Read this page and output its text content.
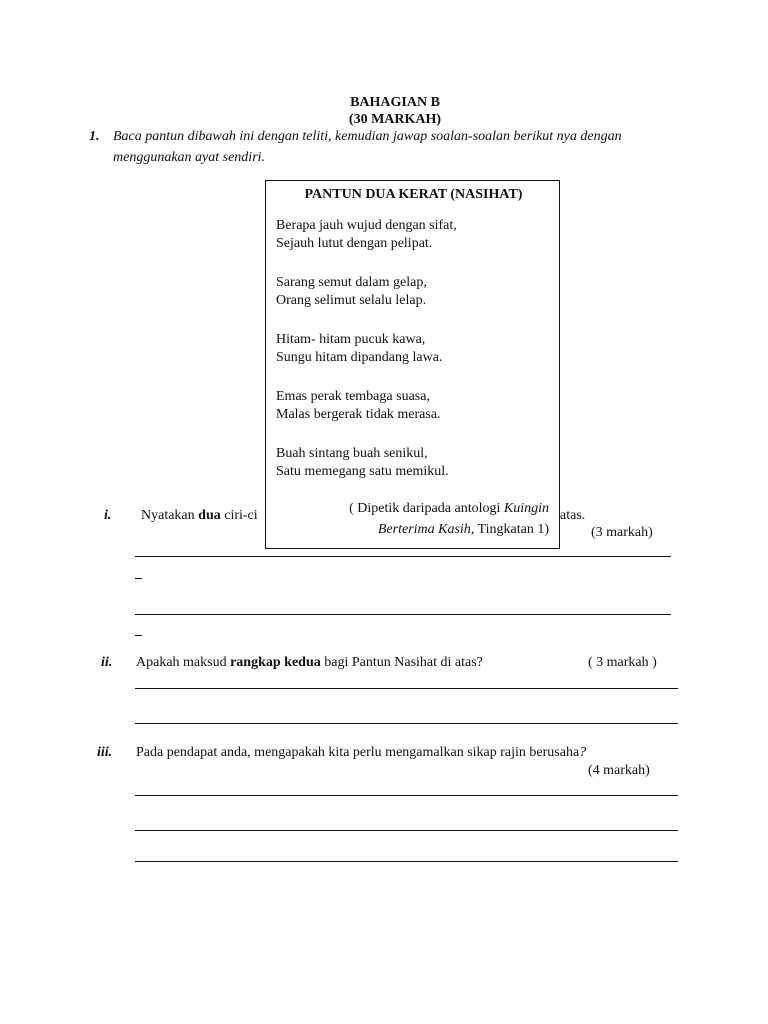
BAHAGIAN B
(30 MARKAH)
1. Baca pantun dibawah ini dengan teliti, kemudian jawap soalan-soalan berikut nya dengan
menggunakan ayat sendiri.
i. Nyatakan dua ciri-ci	atas.
(3 markah)
PANTUN DUA KERAT (NASIHAT)
Berapa jauh wujud dengan sifat,
Sejauh lutut dengan pelipat.
Sarang semut dalam gelap,
Orang selimut selalu lelap.
Hitam- hitam pucuk kawa,
Sungu hitam dipandang lawa.
Emas perak tembaga suasa,
Malas bergerak tidak merasa.
Buah sintang buah senikul,
Satu memegang satu memikul.
( Dipetik daripada antologi Kuingin
Berterima Kasih, Tingkatan 1)
ii. Apakah maksud rangkap kedua bagi Pantun Nasihat di atas?	( 3 markah )
iii. Pada pendapat anda, mengapakah kita perlu mengamalkan sikap rajin berusaha?
(4 markah)
